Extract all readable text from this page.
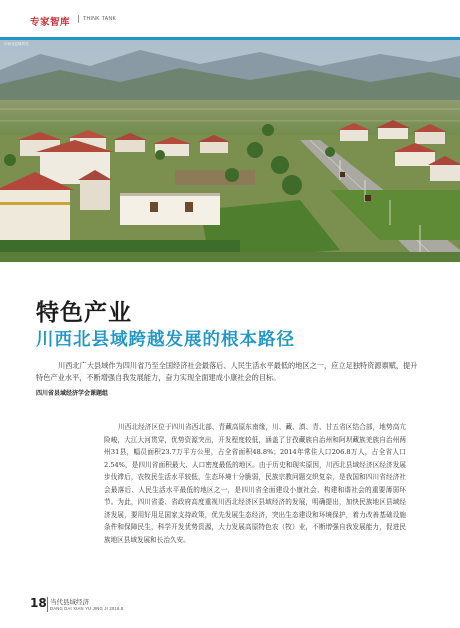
专家智库	THINK TANK
川西北县域风光
特色产业
川西北县域跨越发展的根本路径

川西北广大县域作为四川省乃至全国经济社会最落后、人民生活水平最低的地区之一，应立足独特资源禀赋，提升特色产业水平，不断增强自我发展能力，奋力实现全面建成小康社会的目标。

四川省县域经济学会课题组

川西北经济区位于四川省西北部、青藏高原东南缘，川、藏、滇、青、甘五省区结合部，地势高亢险峻，大江大河贯穿，优势资源突出，开发程度较低，涵盖了甘孜藏族自治州和阿坝藏族羌族自治州两州31县，幅员面积23.7万平方公里，占全省面积48.8%；2014年常住人口206.8万人，占全省人口2.54%，是四川省面积最大、人口密度最低的地区。由于历史和现实原因，川西北县域经济区经济发展步伐滞后，农牧民生活水平较低，生态环境十分脆弱，民族宗教问题交织复杂，是我国和四川省经济社会最落后、人民生活水平最低的地区之一，是四川省全面建设小康社会、构建和谐社会的重要薄弱环节。为此，四川省委、省政府高度重视川西北经济区县域经济的发展，明确提出，加快民族地区县域经济发展，要用好用足国家支持政策，优先发展生态经济，突出生态建设和环境保护，着力改善基础设施条件和保障民生，科学开发优势资源，大力发展高原特色农（牧）业，不断增强自我发展能力，促进民族地区县域发展和长治久安。

18 当代县域经济
DANG DAI XIAN YU JING JI 2016.8
